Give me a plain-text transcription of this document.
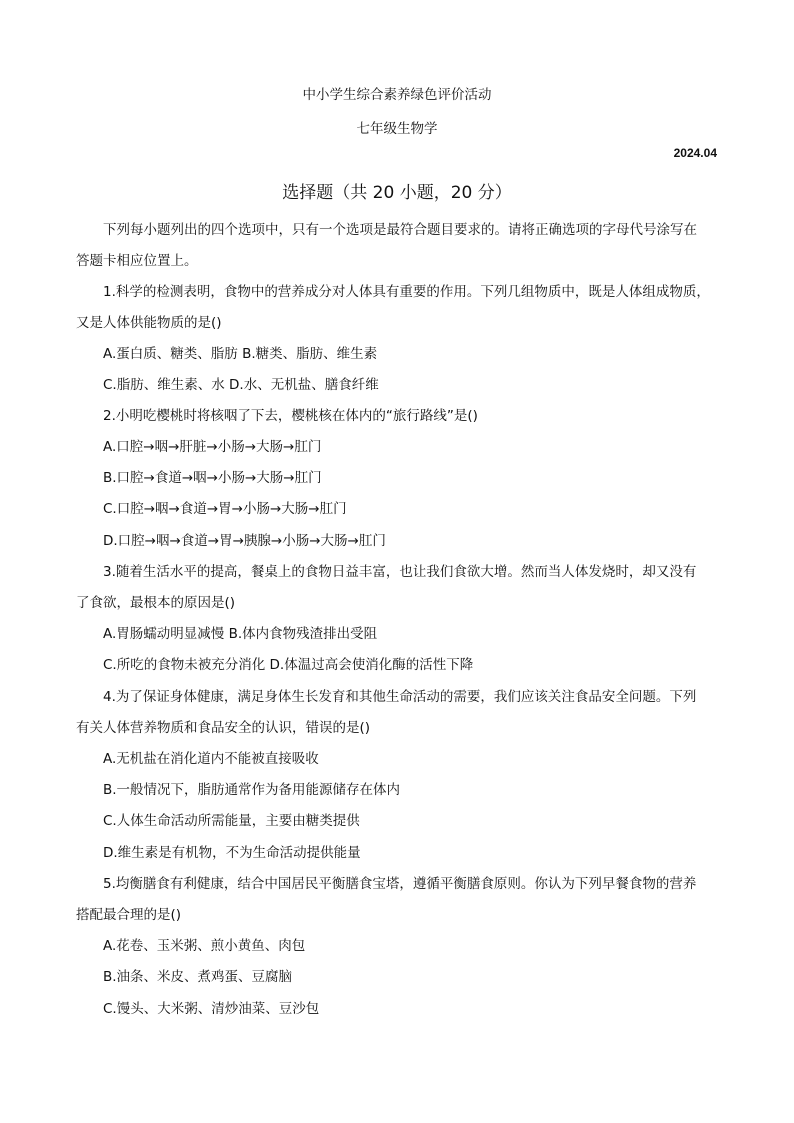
中小学生综合素养绿色评价活动
七年级生物学
2024.04
选择题（共 20 小题，20 分）
下列每小题列出的四个选项中，只有一个选项是最符合题目要求的。请将正确选项的字母代号涂写在
答题卡相应位置上。
1.科学的检测表明，食物中的营养成分对人体具有重要的作用。下列几组物质中，既是人体组成物质，
又是人体供能物质的是()
A.蛋白质、糖类、脂肪 B.糖类、脂肪、维生素
C.脂肪、维生素、水 D.水、无机盐、膳食纤维
2.小明吃樱桃时将核咽了下去，樱桃核在体内的“旅行路线”是()
A.口腔→咽→肝脏→小肠→大肠→肛门
B.口腔→食道→咽→小肠→大肠→肛门
C.口腔→咽→食道→胃→小肠→大肠→肛门
D.口腔→咽→食道→胃→胰腺→小肠→大肠→肛门
3.随着生活水平的提高，餐桌上的食物日益丰富，也让我们食欲大增。然而当人体发烧时，却又没有
了食欲，最根本的原因是()
A.胃肠蠕动明显减慢 B.体内食物残渣排出受阻
C.所吃的食物未被充分消化 D.体温过高会使消化酶的活性下降
4.为了保证身体健康，满足身体生长发育和其他生命活动的需要，我们应该关注食品安全问题。下列
有关人体营养物质和食品安全的认识，错误的是()
A.无机盐在消化道内不能被直接吸收
B.一般情况下，脂肪通常作为备用能源储存在体内
C.人体生命活动所需能量，主要由糖类提供
D.维生素是有机物，不为生命活动提供能量
5.均衡膳食有利健康，结合中国居民平衡膳食宝塔，遵循平衡膳食原则。你认为下列早餐食物的营养
搭配最合理的是()
A.花卷、玉米粥、煎小黄鱼、肉包
B.油条、米皮、煮鸡蛋、豆腐脑
C.馒头、大米粥、清炒油菜、豆沙包
